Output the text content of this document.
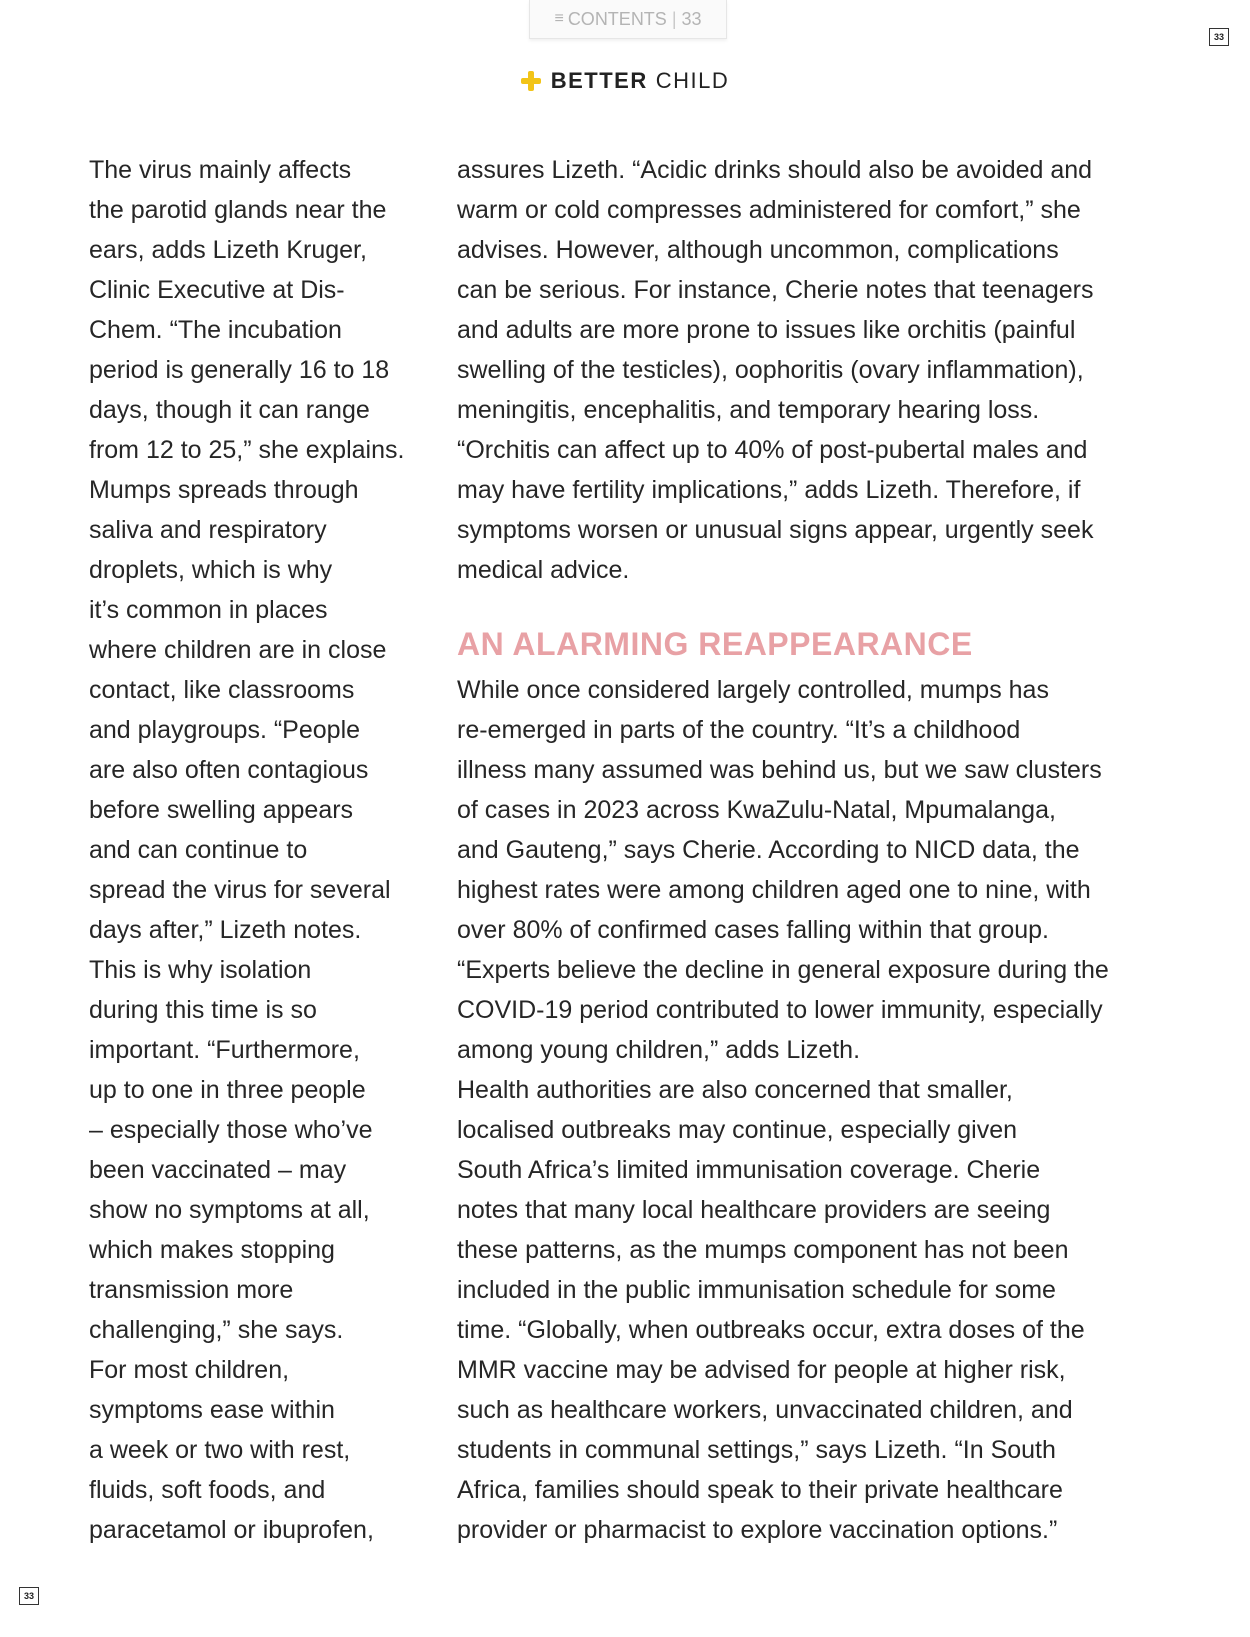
≡ CONTENTS | 33
33
33
BETTER CHILD
The virus mainly affects
the parotid glands near the
ears, adds Lizeth Kruger,
Clinic Executive at Dis-
Chem. “The incubation
period is generally 16 to 18
days, though it can range
from 12 to 25,” she explains.
Mumps spreads through
saliva and respiratory
droplets, which is why
it’s common in places
where children are in close
contact, like classrooms
and playgroups. “People
are also often contagious
before swelling appears
and can continue to
spread the virus for several
days after,” Lizeth notes.
This is why isolation
during this time is so
important. “Furthermore,
up to one in three people
– especially those who’ve
been vaccinated – may
show no symptoms at all,
which makes stopping
transmission more
challenging,” she says.
For most children,
symptoms ease within
a week or two with rest,
fluids, soft foods, and
paracetamol or ibuprofen,
assures Lizeth. “Acidic drinks should also be avoided and
warm or cold compresses administered for comfort,” she
advises. However, although uncommon, complications
can be serious. For instance, Cherie notes that teenagers
and adults are more prone to issues like orchitis (painful
swelling of the testicles), oophoritis (ovary inflammation),
meningitis, encephalitis, and temporary hearing loss.
“Orchitis can affect up to 40% of post-pubertal males and
may have fertility implications,” adds Lizeth. Therefore, if
symptoms worsen or unusual signs appear, urgently seek
medical advice.
AN ALARMING REAPPEARANCE
While once considered largely controlled, mumps has
re-emerged in parts of the country. “It’s a childhood
illness many assumed was behind us, but we saw clusters
of cases in 2023 across KwaZulu-Natal, Mpumalanga,
and Gauteng,” says Cherie. According to NICD data, the
highest rates were among children aged one to nine, with
over 80% of confirmed cases falling within that group.
“Experts believe the decline in general exposure during the
COVID-19 period contributed to lower immunity, especially
among young children,” adds Lizeth.
Health authorities are also concerned that smaller,
localised outbreaks may continue, especially given
South Africa’s limited immunisation coverage. Cherie
notes that many local healthcare providers are seeing
these patterns, as the mumps component has not been
included in the public immunisation schedule for some
time. “Globally, when outbreaks occur, extra doses of the
MMR vaccine may be advised for people at higher risk,
such as healthcare workers, unvaccinated children, and
students in communal settings,” says Lizeth. “In South
Africa, families should speak to their private healthcare
provider or pharmacist to explore vaccination options.”
